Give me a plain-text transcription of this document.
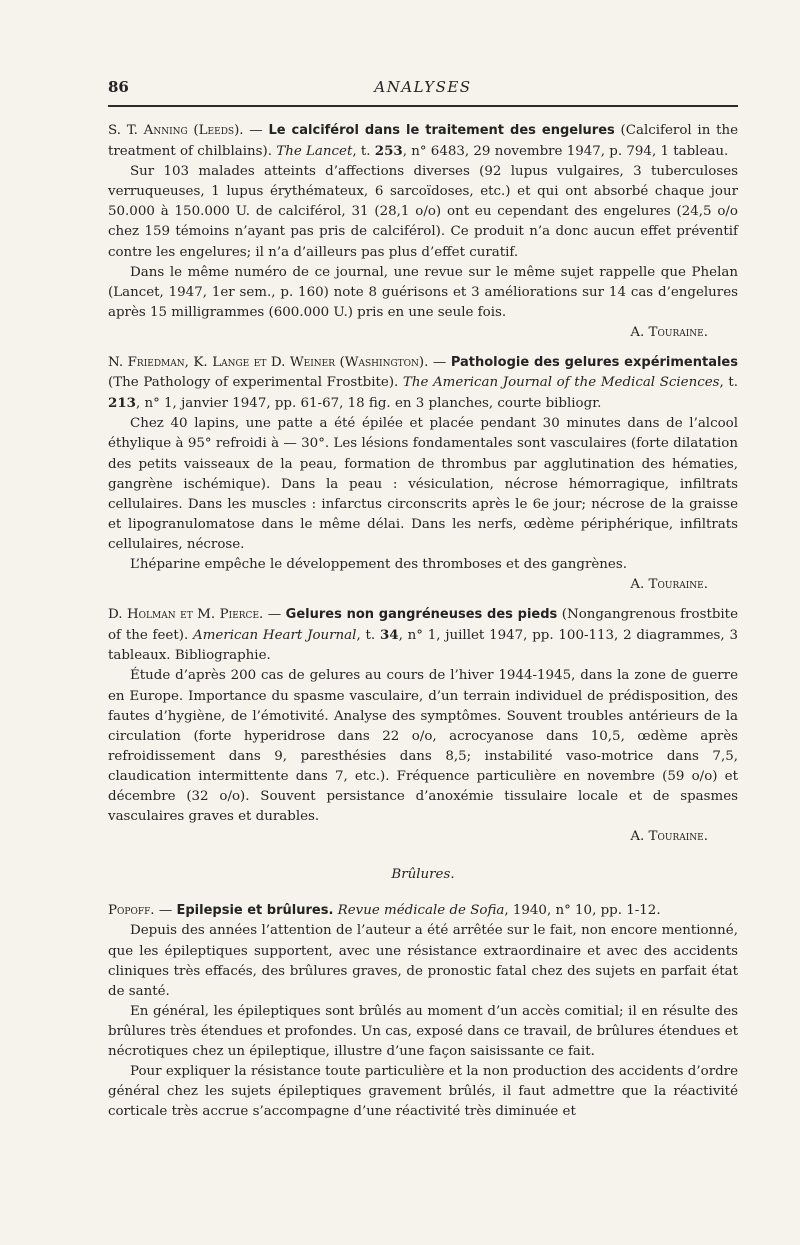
86	ANALYSES

S. T. Anning (Leeds). — Le calciférol dans le traitement des engelures (Calciferol in the treatment of chilblains). The Lancet, t. 253, n° 6483, 29 novembre 1947, p. 794, 1 tableau.

Sur 103 malades atteints d’affections diverses (92 lupus vulgaires, 3 tuberculoses verruqueuses, 1 lupus érythémateux, 6 sarcoïdoses, etc.) et qui ont absorbé chaque jour 50.000 à 150.000 U. de calciférol, 31 (28,1 o/o) ont eu cependant des engelures (24,5 o/o chez 159 témoins n’ayant pas pris de calciférol). Ce produit n’a donc aucun effet préventif contre les engelures; il n’a d’ailleurs pas plus d’effet curatif.

Dans le même numéro de ce journal, une revue sur le même sujet rappelle que Phelan (Lancet, 1947, 1er sem., p. 160) note 8 guérisons et 3 améliorations sur 14 cas d’engelures après 15 milligrammes (600.000 U.) pris en une seule fois.

A. Touraine.

N. Friedman, K. Lange et D. Weiner (Washington). — Pathologie des gelures expérimentales (The Pathology of experimental Frostbite). The American Journal of the Medical Sciences, t. 213, n° 1, janvier 1947, pp. 61-67, 18 fig. en 3 planches, courte bibliogr.

Chez 40 lapins, une patte a été épilée et placée pendant 30 minutes dans de l’alcool éthylique à 95° refroidi à — 30°. Les lésions fondamentales sont vasculaires (forte dilatation des petits vaisseaux de la peau, formation de thrombus par agglutination des hématies, gangrène ischémique). Dans la peau : vésiculation, nécrose hémorragique, infiltrats cellulaires. Dans les muscles : infarctus circonscrits après le 6e jour; nécrose de la graisse et lipogranulomatose dans le même délai. Dans les nerfs, œdème périphérique, infiltrats cellulaires, nécrose.

L’héparine empêche le développement des thromboses et des gangrènes.

A. Touraine.

D. Holman et M. Pierce. — Gelures non gangréneuses des pieds (Nongangrenous frostbite of the feet). American Heart Journal, t. 34, n° 1, juillet 1947, pp. 100-113, 2 diagrammes, 3 tableaux. Bibliographie.

Étude d’après 200 cas de gelures au cours de l’hiver 1944-1945, dans la zone de guerre en Europe. Importance du spasme vasculaire, d’un terrain individuel de prédisposition, des fautes d’hygiène, de l’émotivité. Analyse des symptômes. Souvent troubles antérieurs de la circulation (forte hyperidrose dans 22 o/o, acrocyanose dans 10,5, œdème après refroidissement dans 9, paresthésies dans 8,5; instabilité vaso-motrice dans 7,5, claudication intermittente dans 7, etc.). Fréquence particulière en novembre (59 o/o) et décembre (32 o/o). Souvent persistance d’anoxémie tissulaire locale et de spasmes vasculaires graves et durables.

A. Touraine.

Brûlures.

Popoff. — Epilepsie et brûlures. Revue médicale de Sofia, 1940, n° 10, pp. 1-12.

Depuis des années l’attention de l’auteur a été arrêtée sur le fait, non encore mentionné, que les épileptiques supportent, avec une résistance extraordinaire et avec des accidents cliniques très effacés, des brûlures graves, de pronostic fatal chez des sujets en parfait état de santé.

En général, les épileptiques sont brûlés au moment d’un accès comitial; il en résulte des brûlures très étendues et profondes. Un cas, exposé dans ce travail, de brûlures étendues et nécrotiques chez un épileptique, illustre d’une façon saisissante ce fait.

Pour expliquer la résistance toute particulière et la non production des accidents d’ordre général chez les sujets épileptiques gravement brûlés, il faut admettre que la réactivité corticale très accrue s’accompagne d’une réactivité très diminuée et
